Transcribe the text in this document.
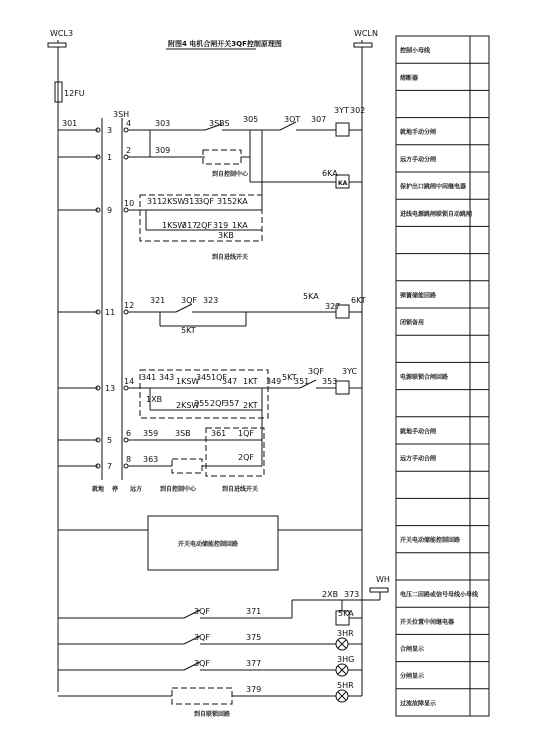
附图4 电机合闸开关3QF控制原理图
WCL3	WCLN
12FU
3SH
3
1
9
11
13
5
7
4
2
10
12
14
6
8
就地 停 远方
301	303	3SBS 305	3OT 307
3YT 302
309
到自控制中心	6KA
KA
311 2KSW
313
3QF 315 2KA
1KSW
317
2QF 319
3KB
1KA
到自进线开关
321 3QF 323
5KT
5KA
327
6KT
341 343 1KSW
345 1QF
347 1KT 349 5KT
351
3QF
353
3YC
1XB
2KSW
355 2QF
357 2KT
359 3SB	361 1QF
363	2QF
到自控制中心	到自进线开关
开关电动储能控制回路
WH
3QF	371
2XB 373
5KA
3QF	375	3HR
3QF	377	3HG
379	5HR
到自联锁回路
控制小母线
熔断器
就地手动分闸
远方手动分闸
保护出口跳闸中间继电器
进线电源跳闸联锁自动跳闸
弹簧储能回路
闭锁备用
电源联锁合闸回路
就地手动合闸
远方手动合闸
开关电动储能控制回路
电压二回路或信号母线小母线
开关位置中间继电器
合闸显示
分闸显示
过流故障显示
